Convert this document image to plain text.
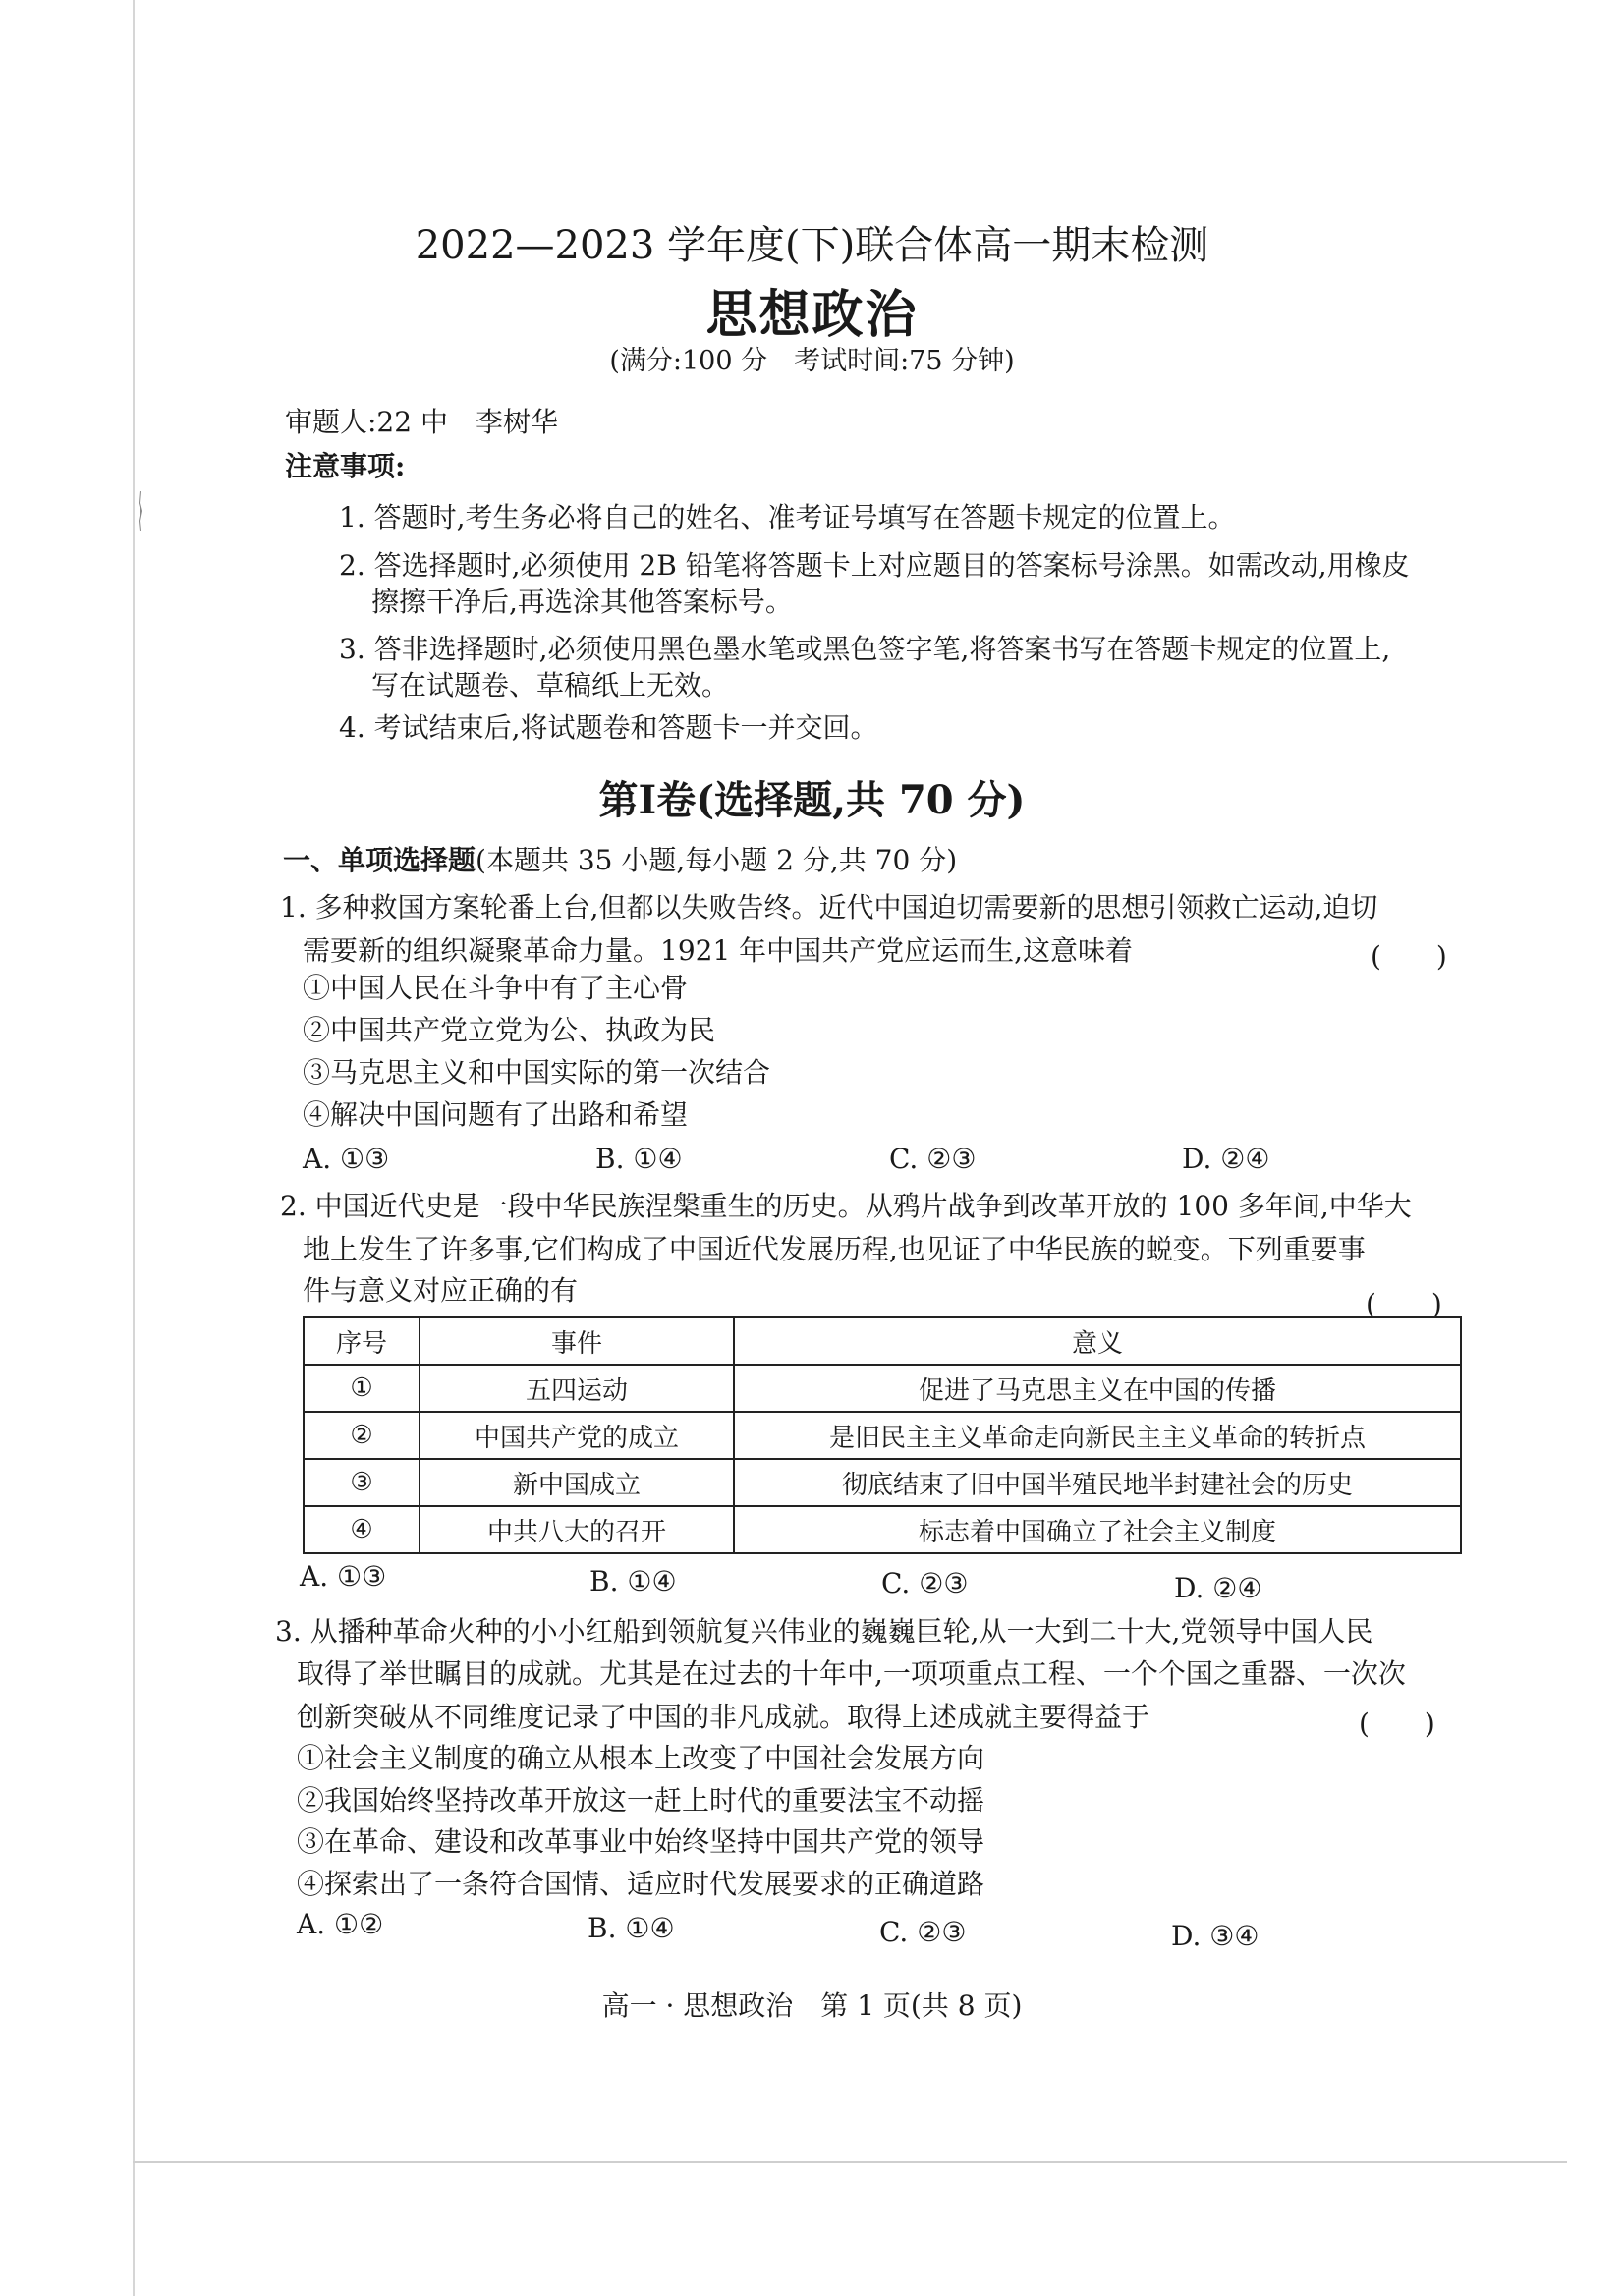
2022—2023 学年度(下)联合体高一期末检测
思想政治
(满分:100 分　考试时间:75 分钟)
审题人:22 中　李树华
注意事项:
1. 答题时,考生务必将自己的姓名、准考证号填写在答题卡规定的位置上。
2. 答选择题时,必须使用 2B 铅笔将答题卡上对应题目的答案标号涂黑。如需改动,用橡皮
擦擦干净后,再选涂其他答案标号。
3. 答非选择题时,必须使用黑色墨水笔或黑色签字笔,将答案书写在答题卡规定的位置上,
写在试题卷、草稿纸上无效。
4. 考试结束后,将试题卷和答题卡一并交回。
第Ⅰ卷(选择题,共 70 分)
一、单项选择题(本题共 35 小题,每小题 2 分,共 70 分)
1. 多种救国方案轮番上台,但都以失败告终。近代中国迫切需要新的思想引领救亡运动,迫切
需要新的组织凝聚革命力量。1921 年中国共产党应运而生,这意味着	(　　)
①中国人民在斗争中有了主心骨
②中国共产党立党为公、执政为民
③马克思主义和中国实际的第一次结合
④解决中国问题有了出路和希望
A. ①③	B. ①④	C. ②③	D. ②④
2. 中国近代史是一段中华民族涅槃重生的历史。从鸦片战争到改革开放的 100 多年间,中华大
地上发生了许多事,它们构成了中国近代发展历程,也见证了中华民族的蜕变。下列重要事
件与意义对应正确的有	(　　)
序号	事件	意义
①	五四运动	促进了马克思主义在中国的传播
②	中国共产党的成立	是旧民主主义革命走向新民主主义革命的转折点
③	新中国成立	彻底结束了旧中国半殖民地半封建社会的历史
④	中共八大的召开	标志着中国确立了社会主义制度
A. ①③	B. ①④	C. ②③	D. ②④
3. 从播种革命火种的小小红船到领航复兴伟业的巍巍巨轮,从一大到二十大,党领导中国人民
取得了举世瞩目的成就。尤其是在过去的十年中,一项项重点工程、一个个国之重器、一次次
创新突破从不同维度记录了中国的非凡成就。取得上述成就主要得益于	(　　)
①社会主义制度的确立从根本上改变了中国社会发展方向
②我国始终坚持改革开放这一赶上时代的重要法宝不动摇
③在革命、建设和改革事业中始终坚持中国共产党的领导
④探索出了一条符合国情、适应时代发展要求的正确道路
A. ①②	B. ①④	C. ②③	D. ③④
高一 · 思想政治　第 1 页(共 8 页)
